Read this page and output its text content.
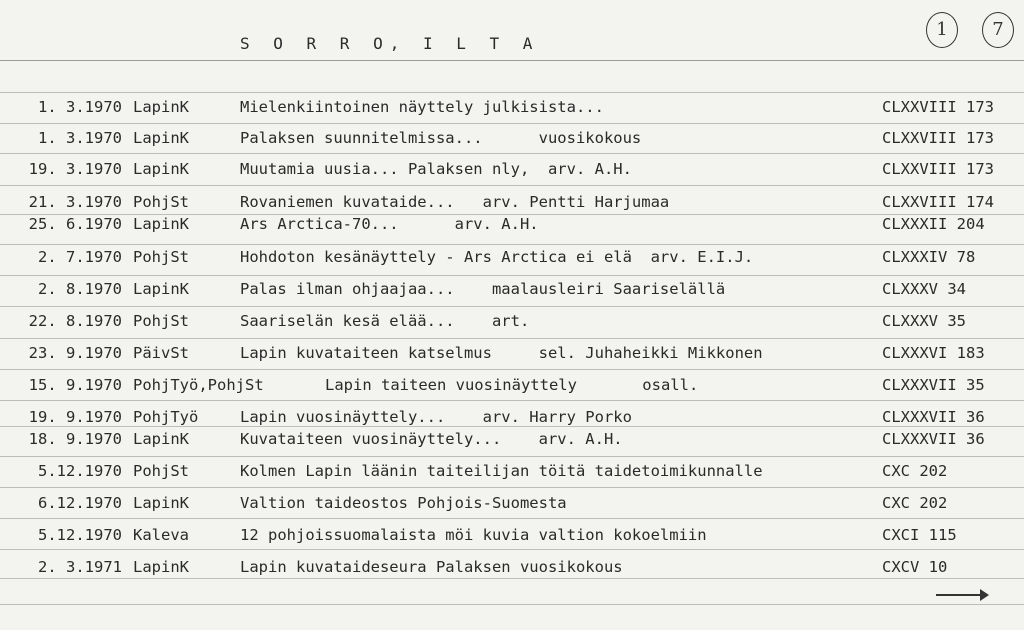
S O R R O, I L T A
1	7
1. 3.1970 LapinK	Mielenkiintoinen näyttely julkisista...	CLXXVIII 173
1. 3.1970 LapinK	Palaksen suunnitelmissa...      vuosikokous	CLXXVIII 173
19. 3.1970 LapinK	Muutamia uusia... Palaksen nly,  arv. A.H.	CLXXVIII 173
21. 3.1970 PohjSt	Rovaniemen kuvataide...   arv. Pentti Harjumaa	CLXXVIII 174
25. 6.1970 LapinK	Ars Arctica-70...      arv. A.H.	CLXXXII 204
2. 7.1970 PohjSt	Hohdoton kesänäyttely - Ars Arctica ei elä  arv. E.I.J.	CLXXXIV 78
2. 8.1970 LapinK	Palas ilman ohjaajaa...    maalausleiri Saariselällä	CLXXXV 34
22. 8.1970 PohjSt	Saariselän kesä elää...    art.	CLXXXV 35
23. 9.1970 PäivSt	Lapin kuvataiteen katselmus     sel. Juhaheikki Mikkonen	CLXXXVI 183
15. 9.1970 PohjTyö,PohjSt	Lapin taiteen vuosinäyttely       osall.	CLXXXVII 35
19. 9.1970 PohjTyö	Lapin vuosinäyttely...    arv. Harry Porko	CLXXXVII 36
18. 9.1970 LapinK	Kuvataiteen vuosinäyttely...    arv. A.H.	CLXXXVII 36
5.12.1970 PohjSt	Kolmen Lapin läänin taiteilijan töitä taidetoimikunnalle	CXC 202
6.12.1970 LapinK	Valtion taideostos Pohjois-Suomesta	CXC 202
5.12.1970 Kaleva	12 pohjoissuomalaista möi kuvia valtion kokoelmiin	CXCI 115
2. 3.1971 LapinK	Lapin kuvataideseura Palaksen vuosikokous	CXCV 10
